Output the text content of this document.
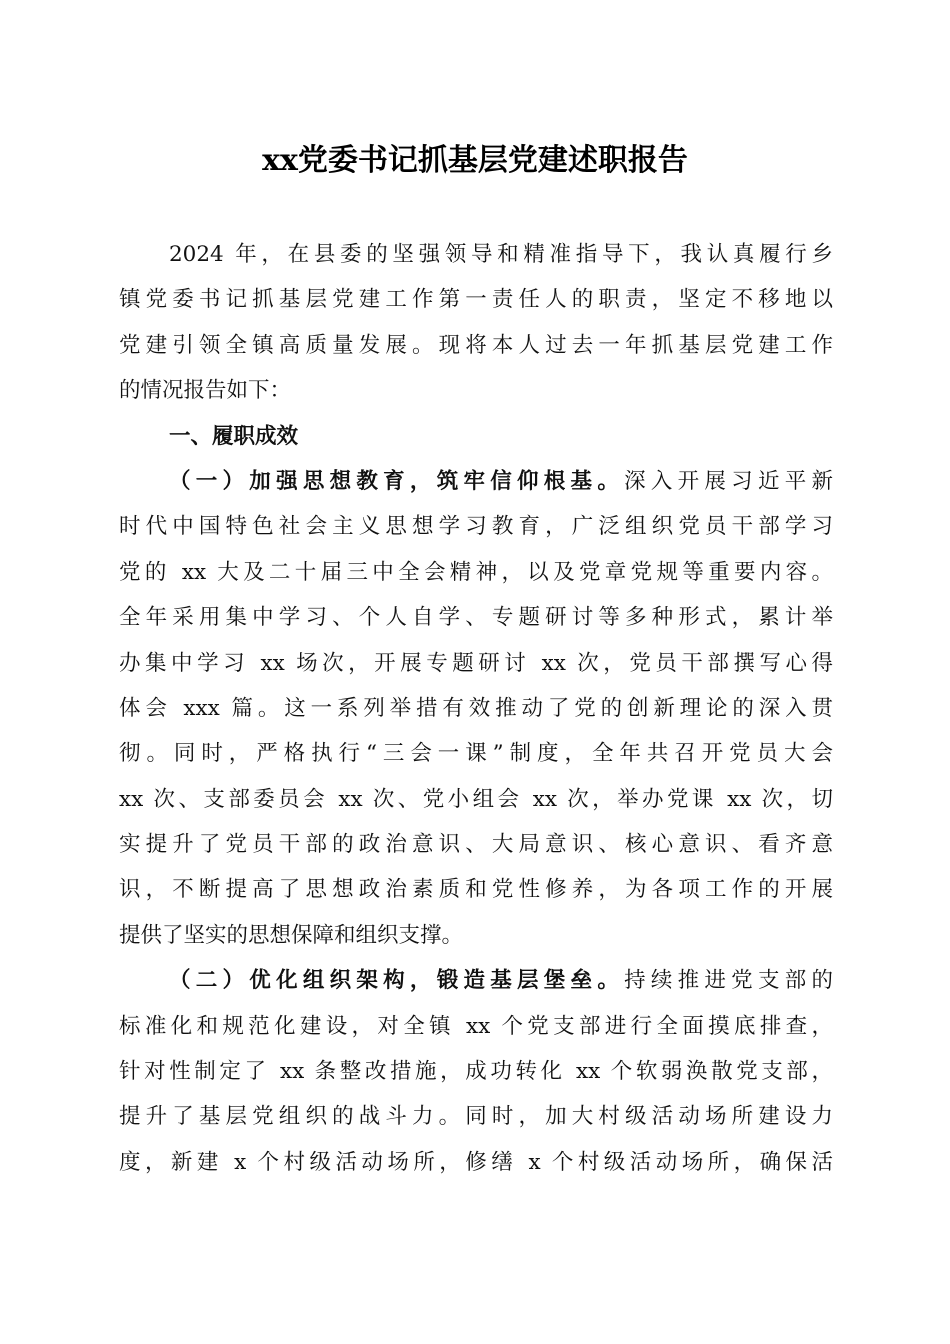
xx党委书记抓基层党建述职报告
2024 年，在县委的坚强领导和精准指导下，我认真履行乡
镇党委书记抓基层党建工作第一责任人的职责，坚定不移地以
党建引领全镇高质量发展。现将本人过去一年抓基层党建工作
的情况报告如下：
一、履职成效
（一）加强思想教育，筑牢信仰根基。深入开展习近平新
时代中国特色社会主义思想学习教育，广泛组织党员干部学习
党的 xx 大及二十届三中全会精神，以及党章党规等重要内容。
全年采用集中学习、个人自学、专题研讨等多种形式，累计举
办集中学习 xx 场次，开展专题研讨 xx 次，党员干部撰写心得
体会 xxx 篇。这一系列举措有效推动了党的创新理论的深入贯
彻。同时，严格执行“三会一课”制度，全年共召开党员大会
xx 次、支部委员会 xx 次、党小组会 xx 次，举办党课 xx 次，切
实提升了党员干部的政治意识、大局意识、核心意识、看齐意
识，不断提高了思想政治素质和党性修养，为各项工作的开展
提供了坚实的思想保障和组织支撑。
（二）优化组织架构，锻造基层堡垒。持续推进党支部的
标准化和规范化建设，对全镇 xx 个党支部进行全面摸底排查，
针对性制定了 xx 条整改措施，成功转化 xx 个软弱涣散党支部，
提升了基层党组织的战斗力。同时，加大村级活动场所建设力
度，新建 x 个村级活动场所，修缮 x 个村级活动场所，确保活
